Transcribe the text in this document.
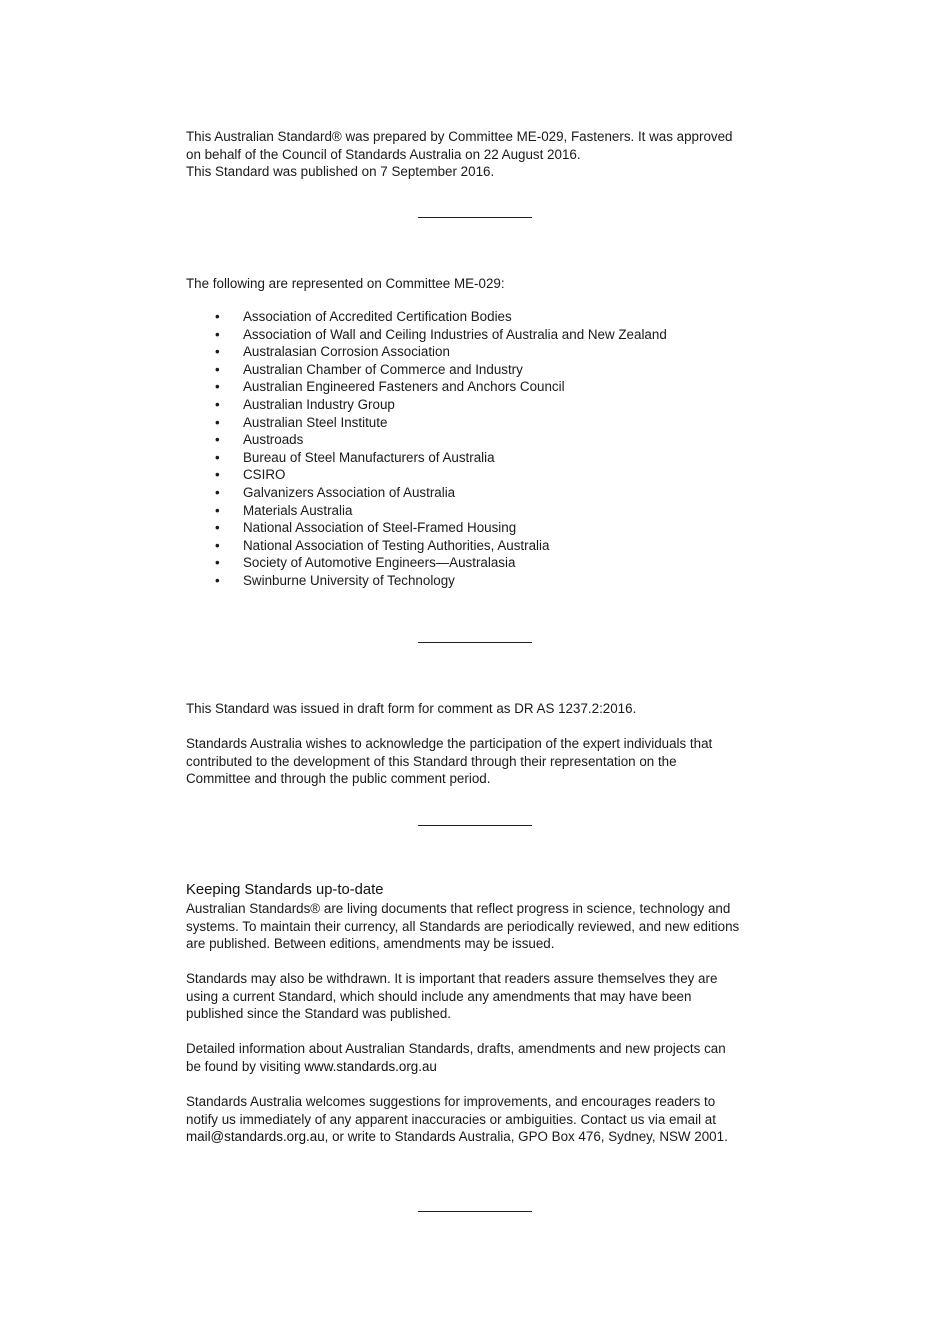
This Australian Standard® was prepared by Committee ME-029, Fasteners. It was approved

on behalf of the Council of Standards Australia on 22 August 2016.

This Standard was published on 7 September 2016.

The following are represented on Committee ME-029:

• Association of Accredited Certification Bodies
• Association of Wall and Ceiling Industries of Australia and New Zealand
• Australasian Corrosion Association
• Australian Chamber of Commerce and Industry
• Australian Engineered Fasteners and Anchors Council
• Australian Industry Group
• Australian Steel Institute
• Austroads
• Bureau of Steel Manufacturers of Australia
• CSIRO
• Galvanizers Association of Australia
• Materials Australia
• National Association of Steel-Framed Housing
• National Association of Testing Authorities, Australia
• Society of Automotive Engineers—Australasia
• Swinburne University of Technology

This Standard was issued in draft form for comment as DR AS 1237.2:2016.

Standards Australia wishes to acknowledge the participation of the expert individuals that

contributed to the development of this Standard through their representation on the

Committee and through the public comment period.

Keeping Standards up-to-date

Australian Standards® are living documents that reflect progress in science, technology and

systems. To maintain their currency, all Standards are periodically reviewed, and new editions

are published. Between editions, amendments may be issued.

Standards may also be withdrawn. It is important that readers assure themselves they are

using a current Standard, which should include any amendments that may have been

published since the Standard was published.

Detailed information about Australian Standards, drafts, amendments and new projects can

be found by visiting www.standards.org.au

Standards Australia welcomes suggestions for improvements, and encourages readers to

notify us immediately of any apparent inaccuracies or ambiguities. Contact us via email at

mail@standards.org.au, or write to Standards Australia, GPO Box 476, Sydney, NSW 2001.
